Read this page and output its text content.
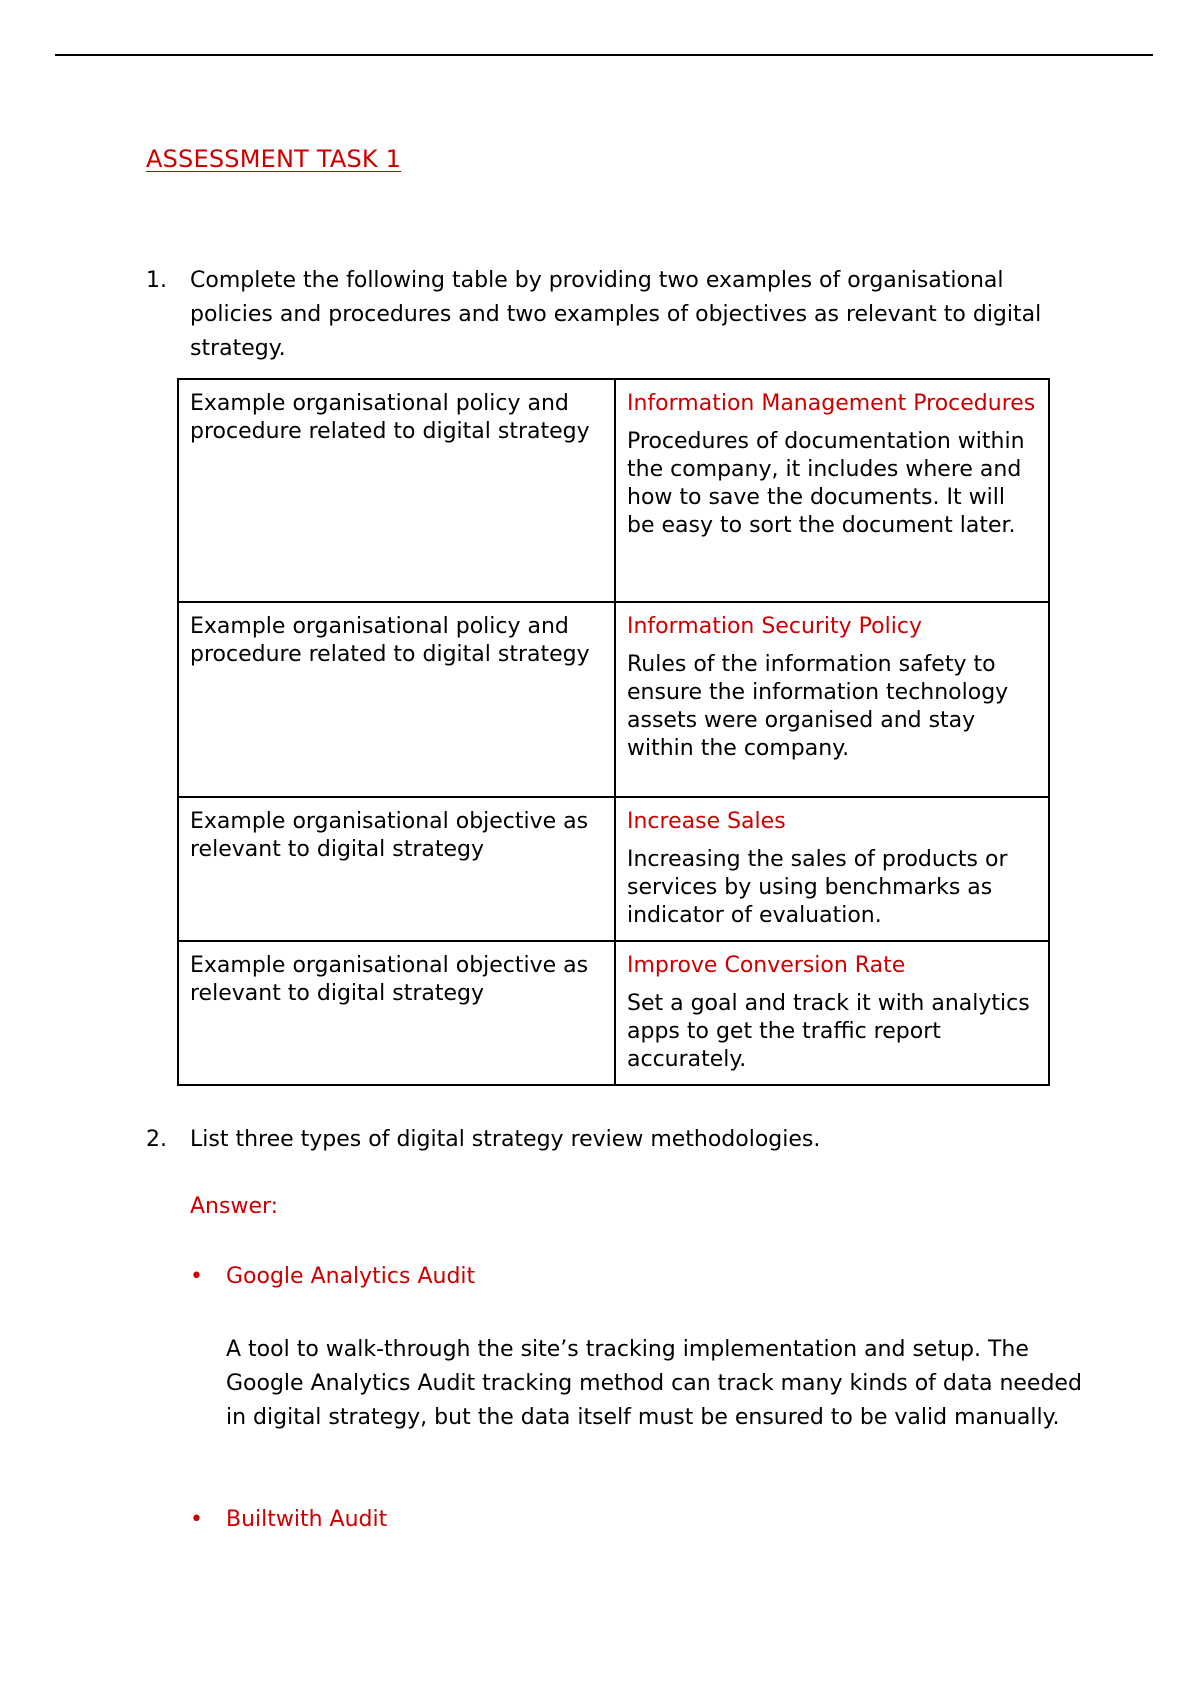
ASSESSMENT TASK 1
1. Complete the following table by providing two examples of organisational policies and procedures and two examples of objectives as relevant to digital strategy.

Example organisational policy and procedure related to digital strategy	Information Management Procedures

Procedures of documentation within the company, it includes where and how to save the documents. It will be easy to sort the document later.

Example organisational policy and procedure related to digital strategy	Information Security Policy

Rules of the information safety to ensure the information technology assets were organised and stay within the company.

Example organisational objective as relevant to digital strategy	Increase Sales

Increasing the sales of products or services by using benchmarks as indicator of evaluation.

Example organisational objective as relevant to digital strategy	Improve Conversion Rate

Set a goal and track it with analytics apps to get the traffic report accurately.

2. List three types of digital strategy review methodologies.
Answer:
• Google Analytics Audit

A tool to walk-through the site’s tracking implementation and setup. The Google Analytics Audit tracking method can track many kinds of data needed in digital strategy, but the data itself must be ensured to be valid manually.

• Builtwith Audit
